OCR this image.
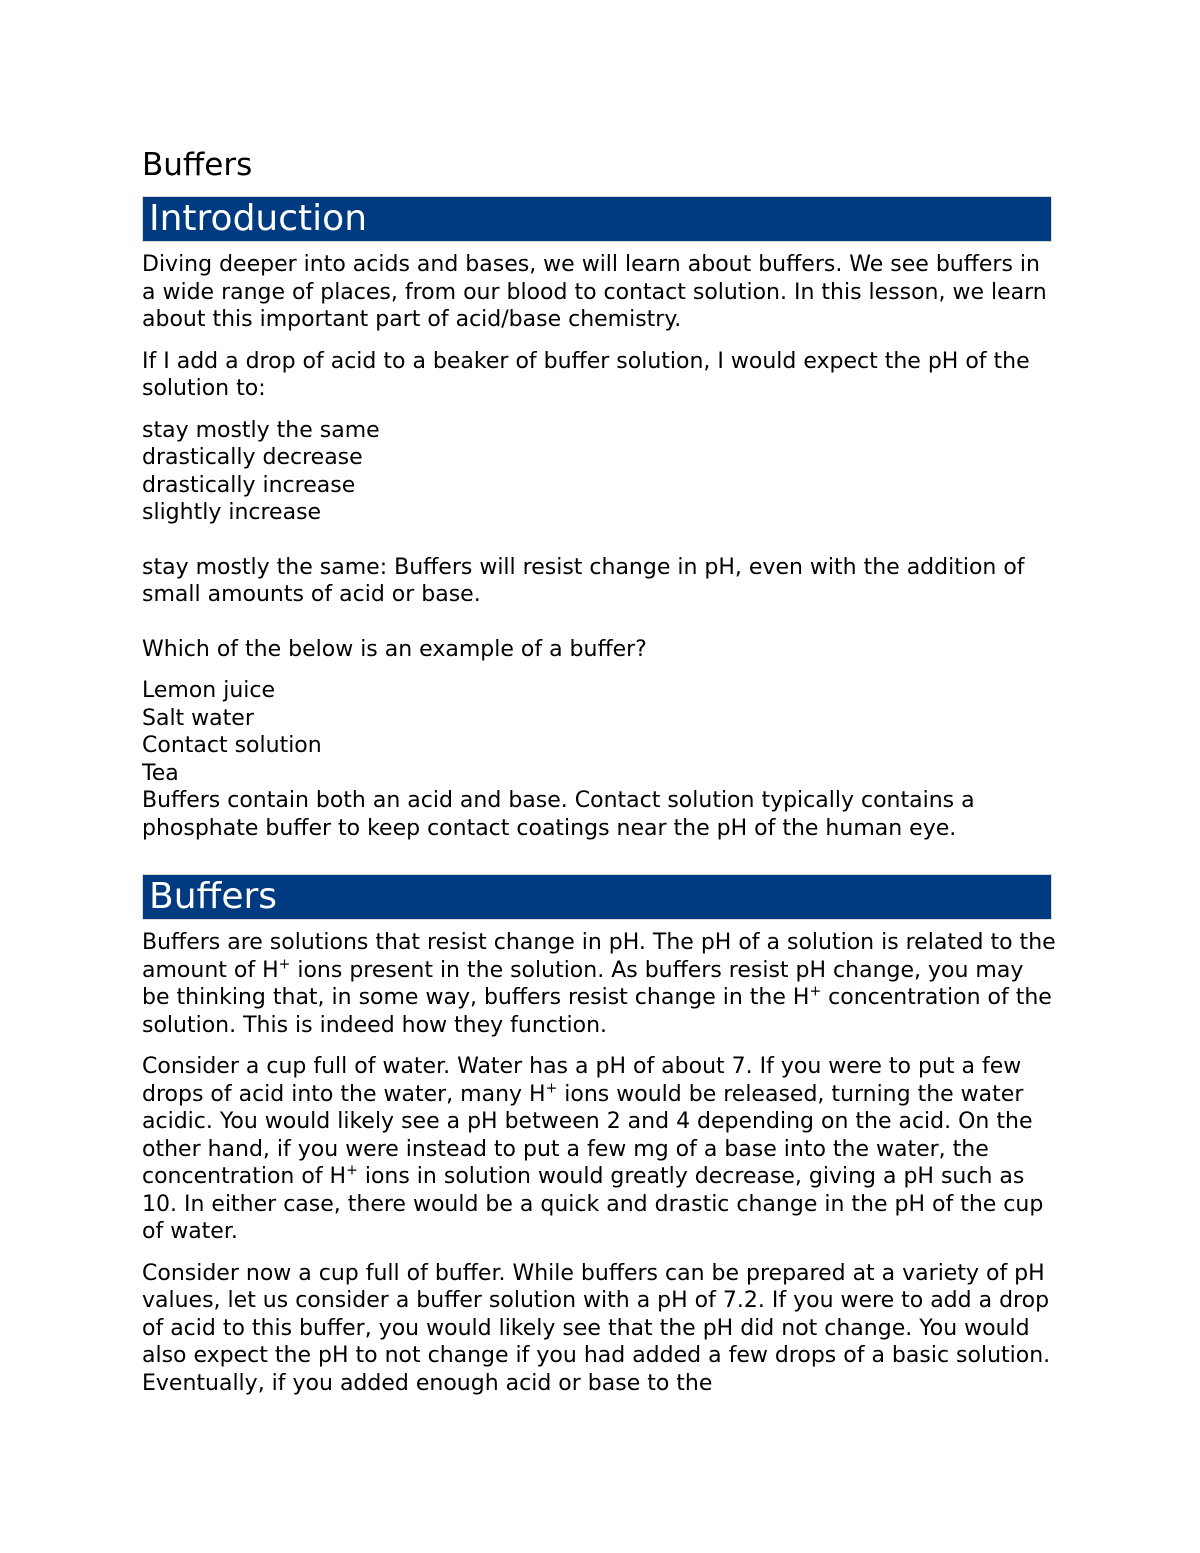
Buffers
Introduction

Diving deeper into acids and bases, we will learn about buffers. We see buffers in a wide range of places, from our blood to contact solution. In this lesson, we learn about this important part of acid/base chemistry.

If I add a drop of acid to a beaker of buffer solution, I would expect the pH of the solution to:

stay mostly the same
drastically decrease
drastically increase
slightly increase

stay mostly the same: Buffers will resist change in pH, even with the addition of small amounts of acid or base.

Which of the below is an example of a buffer?

Lemon juice
Salt water
Contact solution
Tea

Buffers contain both an acid and base. Contact solution typically contains a phosphate buffer to keep contact coatings near the pH of the human eye.

Buffers

Buffers are solutions that resist change in pH. The pH of a solution is related to the amount of H+ ions present in the solution. As buffers resist pH change, you may be thinking that, in some way, buffers resist change in the H+ concentration of the solution. This is indeed how they function.

Consider a cup full of water. Water has a pH of about 7. If you were to put a few drops of acid into the water, many H+ ions would be released, turning the water acidic. You would likely see a pH between 2 and 4 depending on the acid. On the other hand, if you were instead to put a few mg of a base into the water, the concentration of H+ ions in solution would greatly decrease, giving a pH such as 10. In either case, there would be a quick and drastic change in the pH of the cup of water.

Consider now a cup full of buffer. While buffers can be prepared at a variety of pH values, let us consider a buffer solution with a pH of 7.2. If you were to add a drop of acid to this buffer, you would likely see that the pH did not change. You would also expect the pH to not change if you had added a few drops of a basic solution. Eventually, if you added enough acid or base to the
